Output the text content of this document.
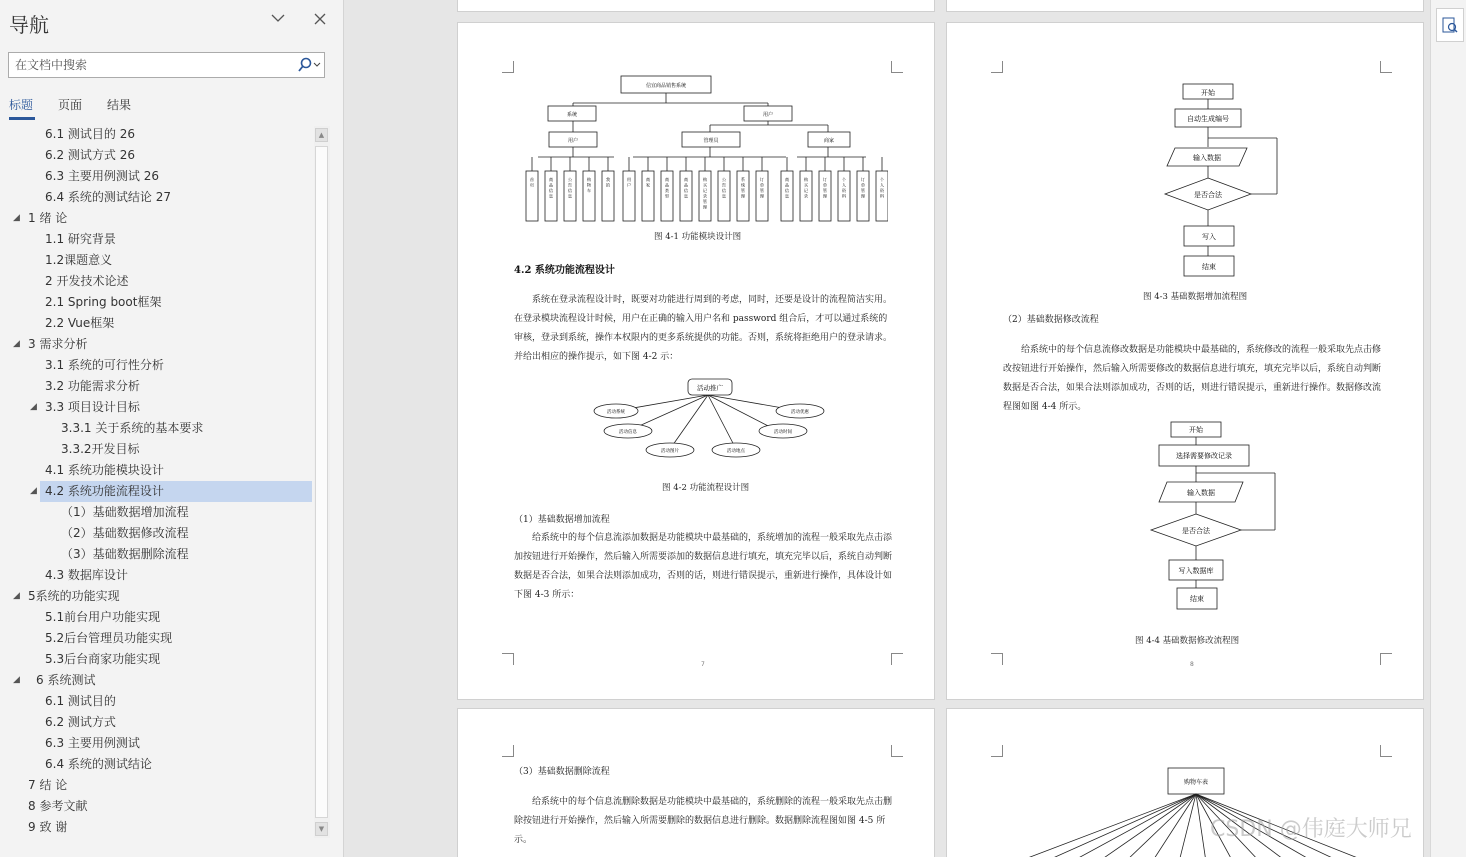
导航
在文档中搜索
标题 页面 结果
6.1 测试目的 26
6.2 测试方式 26
6.3 主要用例测试 26
6.4 系统的测试结论 27
◢ 1 绪 论
1.1 研究背景
1.2课题意义
2 开发技术论述
2.1 Spring boot框架
2.2 Vue框架
◢ 3 需求分析
3.1 系统的可行性分析
3.2 功能需求分析
◢ 3.3 项目设计目标
3.3.1 关于系统的基本要求
3.3.2开发目标
4.1 系统功能模块设计
◢ 4.2 系统功能流程设计
（1）基础数据增加流程
（2）基础数据修改流程
（3）基础数据删除流程
4.3 数据库设计
◢ 5系统的功能实现
5.1前台用户功能实现
5.2后台管理员功能实现
5.3后台商家功能实现
◢ 6 系统测试
6.1 测试目的
6.2 测试方式
6.3 主要用例测试
6.4 系统的测试结论
7 结 论
8 参考文献
9 致 谢
▲
▼
首页
商品信息
公告信息
购物车
我的
用户
商家
商品类型
商品信息
购买记录管理
公告信息
系统管理
订单管理
商品信息
购买记录
订单管理
个人资料
订单管理
个人资料
信宜商品销售系统
系统	用户
用户	管理员	商家
图 4-1 功能模块设计图
4.2 系统功能流程设计
系统在登录流程设计时，既要对功能进行周到的考虑，同时，还要是设计的流程简洁实用。在登录模块流程设计时候，用户在正确的输入用户名和 password 组合后，才可以通过系统的审核，登录到系统，操作本权限内的更多系统提供的功能。否则，系统将拒绝用户的登录请求。并给出相应的操作提示，如下图 4-2 示：
活动推广
活动系统
活动信息
活动优惠
活动时间
活动图片	活动地点
图 4-2 功能流程设计图
（1）基础数据增加流程
给系统中的每个信息流添加数据是功能模块中最基础的，系统增加的流程一般采取先点击添加按钮进行开始操作，然后输入所需要添加的数据信息进行填充，填充完毕以后，系统自动判断数据是否合法，如果合法则添加成功，否则的话，则进行错误提示，重新进行操作，具体设计如下图 4-3 所示：
7
开始
自动生成编号
输入数据
是否合法
写入
结束
图 4-3 基础数据增加流程图
（2）基础数据修改流程
给系统中的每个信息流修改数据是功能模块中最基础的，系统修改的流程一般采取先点击修改按钮进行开始操作，然后输入所需要修改的数据信息进行填充，填充完毕以后，系统自动判断数据是否合法，如果合法则添加成功，否则的话，则进行错误提示，重新进行操作。数据修改流程图如图 4-4 所示。
开始
选择需要修改记录
输入数据
是否合法
写入数据库
结束
图 4-4 基础数据修改流程图
8
（3）基础数据删除流程
给系统中的每个信息流删除数据是功能模块中最基础的，系统删除的流程一般采取先点击删除按钮进行开始操作，然后输入所需要删除的数据信息进行删除。数据删除流程图如图 4-5 所示。
购物车表
CSDN @伟庭大师兄
